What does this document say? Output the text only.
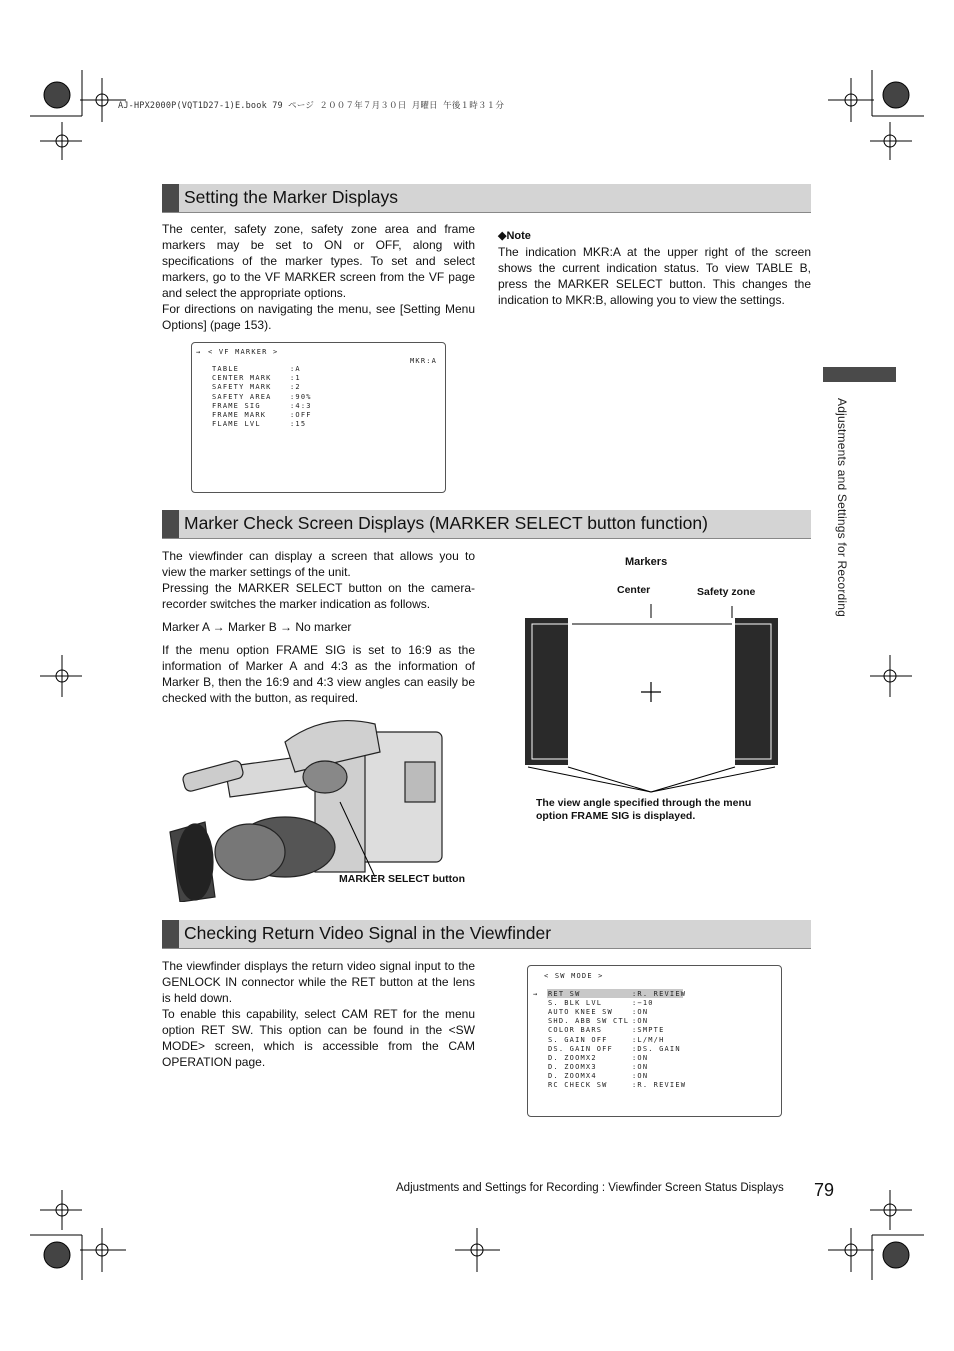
AJ-HPX2000P(VQT1D27-1)E.book 79 ページ ２００７年７月３０日 月曜日 午後１時３１分
Setting the Marker Displays

The center, safety zone, safety zone area and frame markers may be set to ON or OFF, along with specifications of the marker types. To set and select markers, go to the VF MARKER screen from the VF page and select the appropriate options.

For directions on navigating the menu, see [Setting Menu Options] (page 153).

◆Note

The indication MKR:A at the upper right of the screen shows the current indication status. To view TABLE B, press the MARKER SELECT button. This changes the indication to MKR:B, allowing you to view the settings.

→ < VF MARKER >
MKR:A
TABLE	:A
CENTER MARK	:1
SAFETY MARK	:2
SAFETY AREA	:90%
FRAME SIG	:4:3
FRAME MARK	:OFF
FLAME LVL	:15	Adjustments and Settings for Recording
Marker Check Screen Displays (MARKER SELECT button function)

The viewfinder can display a screen that allows you to view the marker settings of the unit.

Pressing the MARKER SELECT button on the camera-recorder switches the marker indication as follows.

Marker A → Marker B → No marker

If the menu option FRAME SIG is set to 16:9 as the information of Marker A and 4:3 as the information of Marker B, then the 16:9 and 4:3 view angles can easily be checked with the button, as required.

MARKER SELECT button
Markers
Center	Safety zone
The view angle specified through the menu option FRAME SIG is displayed.
Checking Return Video Signal in the Viewfinder

The viewfinder displays the return video signal input to the GENLOCK IN connector while the RET button at the lens is held down.

To enable this capability, select CAM RET for the menu option RET SW. This option can be found in the <SW MODE> screen, which is accessible from the CAM OPERATION page.

< SW MODE >
→ RET SW	:R. REVIEW
S. BLK LVL	:−10
AUTO KNEE SW	:ON
SHD. ABB SW CTL :ON
COLOR BARS	:SMPTE
S. GAIN OFF	:L/M/H
DS. GAIN OFF	:DS. GAIN
D. ZOOMX2	:ON
D. ZOOMX3	:ON
D. ZOOMX4	:ON
RC CHECK SW	:R. REVIEW
Adjustments and Settings for Recording : Viewfinder Screen Status Displays 79
